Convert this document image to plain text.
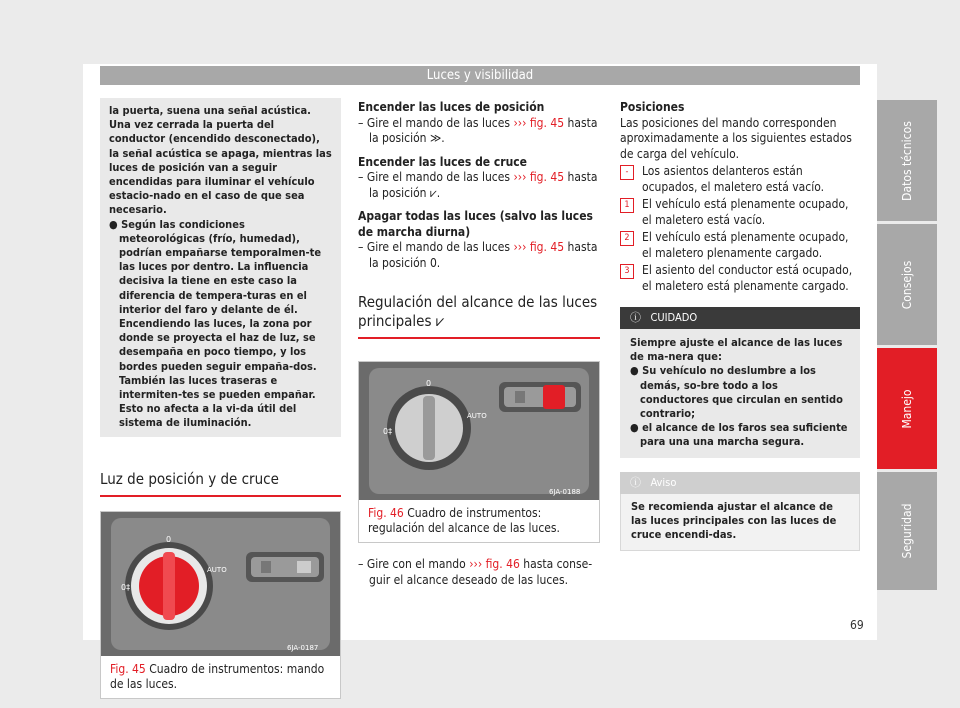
Luces y visibilidad

la puerta, suena una señal acústica. Una vez cerrada la puerta del conductor (encendido desconectado), la señal acústica se apaga, mientras las luces de posición van a seguir encendidas para iluminar el vehículo estacio-nado en el caso de que sea necesario.

● Según las condiciones meteorológicas (frío, humedad), podrían empañarse temporalmen-te las luces por dentro. La influencia decisiva la tiene en este caso la diferencia de tempera-turas en el interior del faro y delante de él. Encendiendo las luces, la zona por donde se proyecta el haz de luz, se desempaña en poco tiempo, y los bordes pueden seguir empaña-dos. También las luces traseras e intermiten-tes se pueden empañar. Esto no afecta a la vi-da útil del sistema de iluminación.

Luz de posición y de cruce
0
0‡
AUTO
6JA-0187
Fig. 45 Cuadro de instrumentos: mando de las luces.
Encender las luces de posición
– Gire el mando de las luces ››› fig. 45 hasta la posición ≫.
Encender las luces de cruce
– Gire el mando de las luces ››› fig. 45 hasta la posición ⩗.
Apagar todas las luces (salvo las luces de marcha diurna)
– Gire el mando de las luces ››› fig. 45 hasta la posición 0.
Regulación del alcance de las luces principales ⩗
0
0‡
AUTO
6JA-0188
Fig. 46 Cuadro de instrumentos: regulación del alcance de las luces.
– Gire con el mando ››› fig. 46 hasta conse-guir el alcance deseado de las luces.
Posiciones
Las posiciones del mando corresponden aproximadamente a los siguientes estados de carga del vehículo.
-	Los asientos delanteros están ocupados, el maletero está vacío.
1	El vehículo está plenamente ocupado, el maletero está vacío.
2	El vehículo está plenamente ocupado, el maletero plenamente cargado.
3	El asiento del conductor está ocupado, el maletero está plenamente cargado.
ⓘ CUIDADO

Siempre ajuste el alcance de las luces de ma-nera que:

● Su vehículo no deslumbre a los demás, so-bre todo a los conductores que circulan en sentido contrario;

● el alcance de los faros sea suficiente para una una marcha segura.

ⓘ Aviso

Se recomienda ajustar el alcance de las luces principales con las luces de cruce encendi-das.

Datos técnicos
Consejos
Manejo
Seguridad
69
